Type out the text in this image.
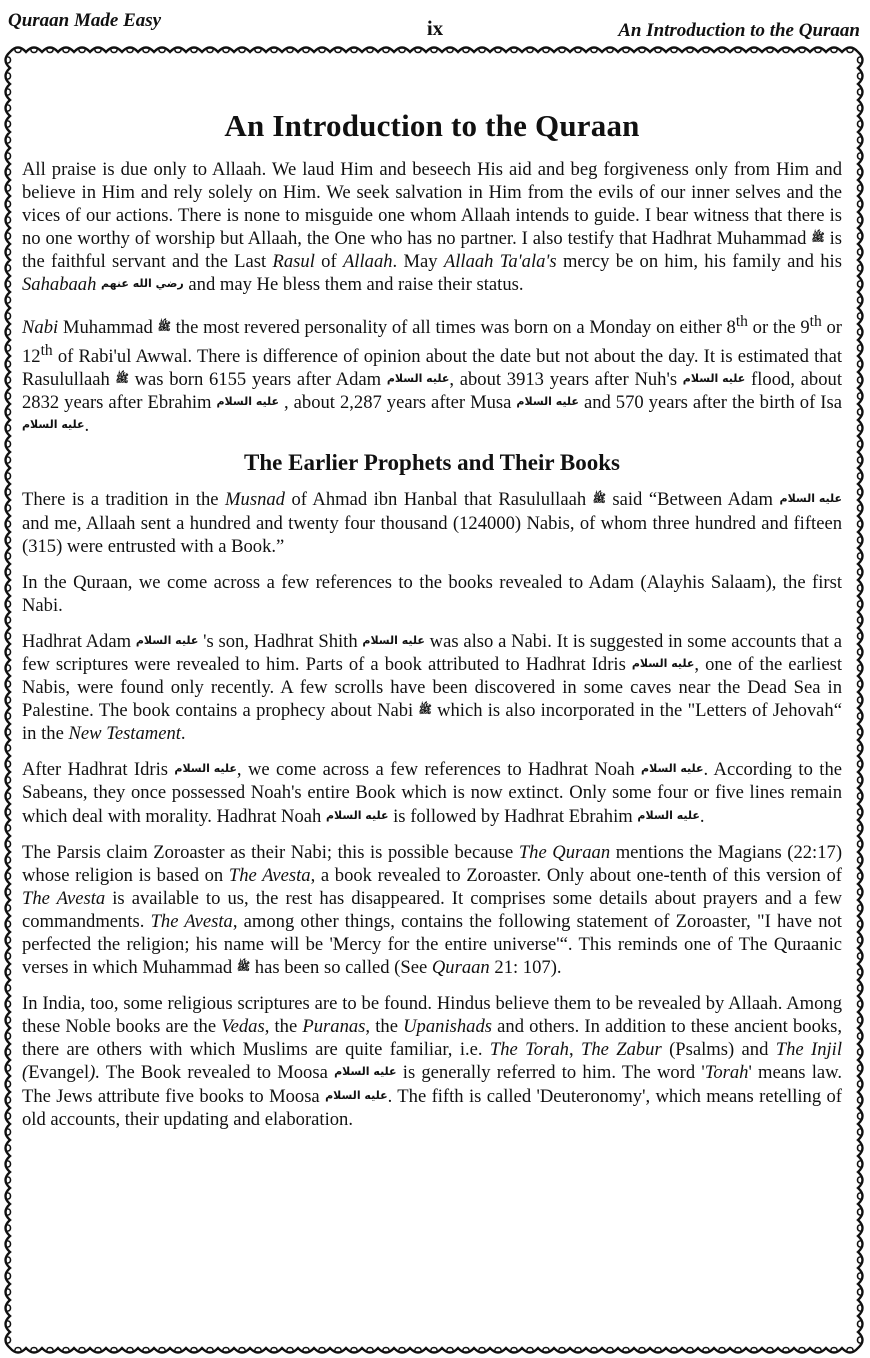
Quraan Made Easy	ix	An Introduction to the Quraan
An Introduction to the Quraan

All praise is due only to Allaah. We laud Him and beseech His aid and beg forgiveness only from Him and believe in Him and rely solely on Him. We seek salvation in Him from the evils of our inner selves and the vices of our actions. There is none to misguide one whom Allaah intends to guide. I bear witness that there is no one worthy of worship but Allaah, the One who has no partner. I also testify that Hadhrat Muhammad ﷺ is the faithful servant and the Last Rasul of Allaah. May Allaah Ta'ala's mercy be on him, his family and his Sahabaah رضي الله عنهم and may He bless them and raise their status.

Nabi Muhammad ﷺ the most revered personality of all times was born on a Monday on either 8th or the 9th or 12th of Rabi'ul Awwal. There is difference of opinion about the date but not about the day. It is estimated that Rasulullaah ﷺ was born 6155 years after Adam عليه السلام, about 3913 years after Nuh's عليه السلام flood, about 2832 years after Ebrahim عليه السلام , about 2,287 years after Musa عليه السلام and 570 years after the birth of Isa عليه السلام.

The Earlier Prophets and Their Books

There is a tradition in the Musnad of Ahmad ibn Hanbal that Rasulullaah ﷺ said “Between Adam عليه السلام and me, Allaah sent a hundred and twenty four thousand (124000) Nabis, of whom three hundred and fifteen (315) were entrusted with a Book.”

In the Quraan, we come across a few references to the books revealed to Adam (Alayhis Salaam), the first Nabi.

Hadhrat Adam عليه السلام 's son, Hadhrat Shith عليه السلام was also a Nabi. It is suggested in some accounts that a few scriptures were revealed to him. Parts of a book attributed to Hadhrat Idris عليه السلام, one of the earliest Nabis, were found only recently. A few scrolls have been discovered in some caves near the Dead Sea in Palestine. The book contains a prophecy about Nabi ﷺ which is also incorporated in the "Letters of Jehovah“ in the New Testament.

After Hadhrat Idris عليه السلام, we come across a few references to Hadhrat Noah عليه السلام. According to the Sabeans, they once possessed Noah's entire Book which is now extinct. Only some four or five lines remain which deal with morality. Hadhrat Noah عليه السلام is followed by Hadhrat Ebrahim عليه السلام.

The Parsis claim Zoroaster as their Nabi; this is possible because The Quraan mentions the Magians (22:17) whose religion is based on The Avesta, a book revealed to Zoroaster. Only about one-tenth of this version of The Avesta is available to us, the rest has disappeared. It comprises some details about prayers and a few commandments. The Avesta, among other things, contains the following statement of Zoroaster, "I have not perfected the religion; his name will be 'Mercy for the entire universe'“. This reminds one of The Quraanic verses in which Muhammad ﷺ has been so called (See Quraan 21: 107).

In India, too, some religious scriptures are to be found. Hindus believe them to be revealed by Allaah. Among these Noble books are the Vedas, the Puranas, the Upanishads and others. In addition to these ancient books, there are others with which Muslims are quite familiar, i.e. The Torah, The Zabur (Psalms) and The Injil (Evangel). The Book revealed to Moosa عليه السلام is generally referred to him. The word 'Torah' means law. The Jews attribute five books to Moosa عليه السلام. The fifth is called 'Deuteronomy', which means retelling of old accounts, their updating and elaboration.
